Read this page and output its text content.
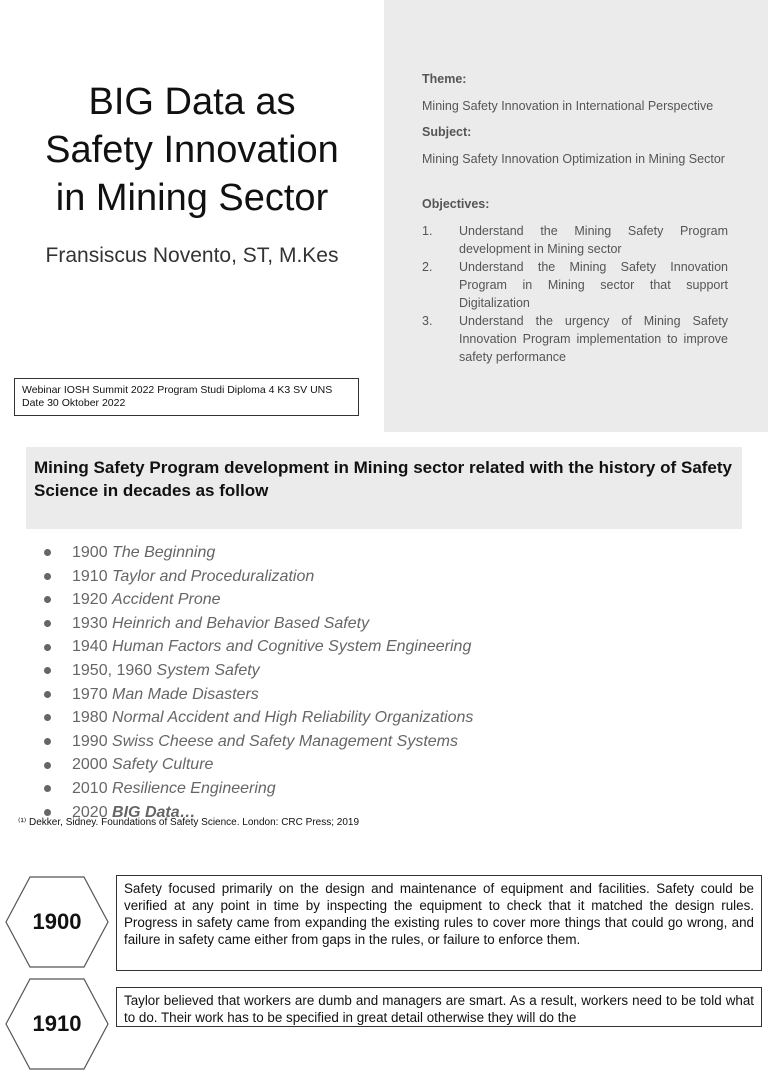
BIG Data as
Safety Innovation
in Mining Sector
Fransiscus Novento, ST, M.Kes
Webinar IOSH Summit 2022 Program Studi Diploma 4 K3 SV UNS Date 30 Oktober 2022
Theme:
Mining Safety Innovation in International Perspective
Subject:
Mining Safety Innovation Optimization in Mining Sector
Objectives:
1.	Understand the Mining Safety Program development in Mining sector
2.	Understand the Mining Safety Innovation Program in Mining sector that support Digitalization
3.	Understand the urgency of Mining Safety Innovation Program implementation to improve safety performance
Mining Safety Program development in Mining sector related with the history of Safety Science in decades as follow
1900
The Beginning
1910
Taylor and Proceduralization
1920
Accident Prone
1930
Heinrich and Behavior Based Safety
1940
Human Factors and Cognitive System Engineering
1950, 1960
System Safety
1970
Man Made Disasters
1980
Normal Accident and High Reliability Organizations
1990
Swiss Cheese and Safety Management Systems
2000
Safety Culture
2010
Resilience Engineering
2020
BIG Data…
⁽¹⁾ Dekker, Sidney. Foundations of Safety Science. London: CRC Press; 2019
1900
Safety focused primarily on the design and maintenance of equipment and facilities. Safety could be verified at any point in time by inspecting the equipment to check that it matched the design rules. Progress in safety came from expanding the existing rules to cover more things that could go wrong, and failure in safety came either from gaps in the rules, or failure to enforce them.
1910
Taylor believed that workers are dumb and managers are smart. As a result, workers need to be told what to do. Their work has to be specified in great detail otherwise they will do the
